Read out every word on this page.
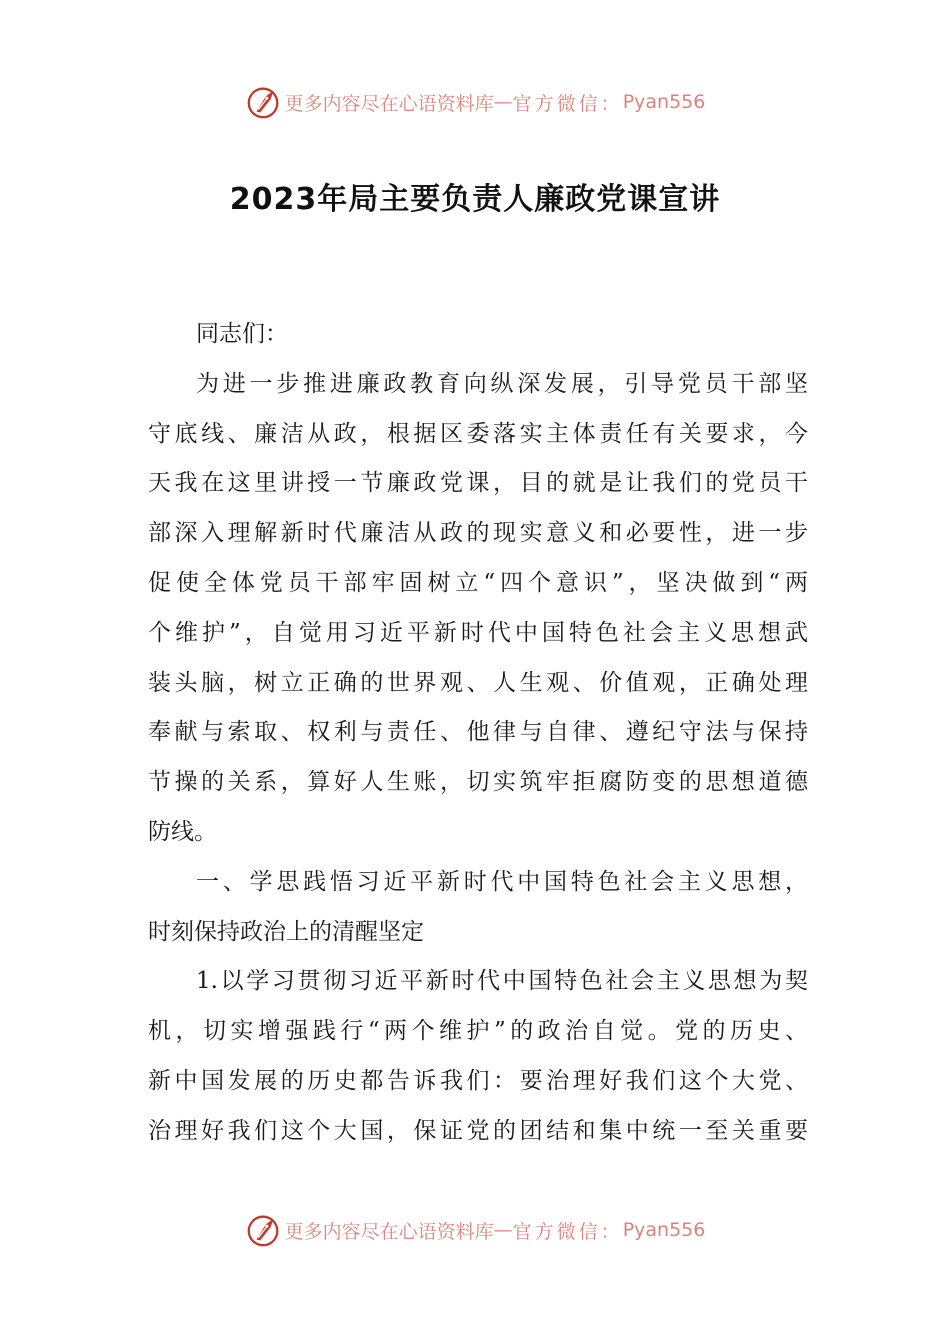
更多内容尽在心语资料库 — 官方微信： Pyan556
2023年局主要负责人廉政党课宣讲
同志们：
为进一步推进廉政教育向纵深发展，引导党员干部坚
守底线、廉洁从政，根据区委落实主体责任有关要求，今
天我在这里讲授一节廉政党课，目的就是让我们的党员干
部深入理解新时代廉洁从政的现实意义和必要性，进一步
促使全体党员干部牢固树立“四个意识”，坚决做到“两
个维护”，自觉用习近平新时代中国特色社会主义思想武
装头脑，树立正确的世界观、人生观、价值观，正确处理
奉献与索取、权利与责任、他律与自律、遵纪守法与保持
节操的关系，算好人生账，切实筑牢拒腐防变的思想道德
防线。
一、学思践悟习近平新时代中国特色社会主义思想，
时刻保持政治上的清醒坚定
1.以学习贯彻习近平新时代中国特色社会主义思想为契
机，切实增强践行“两个维护”的政治自觉。党的历史、
新中国发展的历史都告诉我们：要治理好我们这个大党、
治理好我们这个大国，保证党的团结和集中统一至关重要
更多内容尽在心语资料库 — 官方微信： Pyan556
